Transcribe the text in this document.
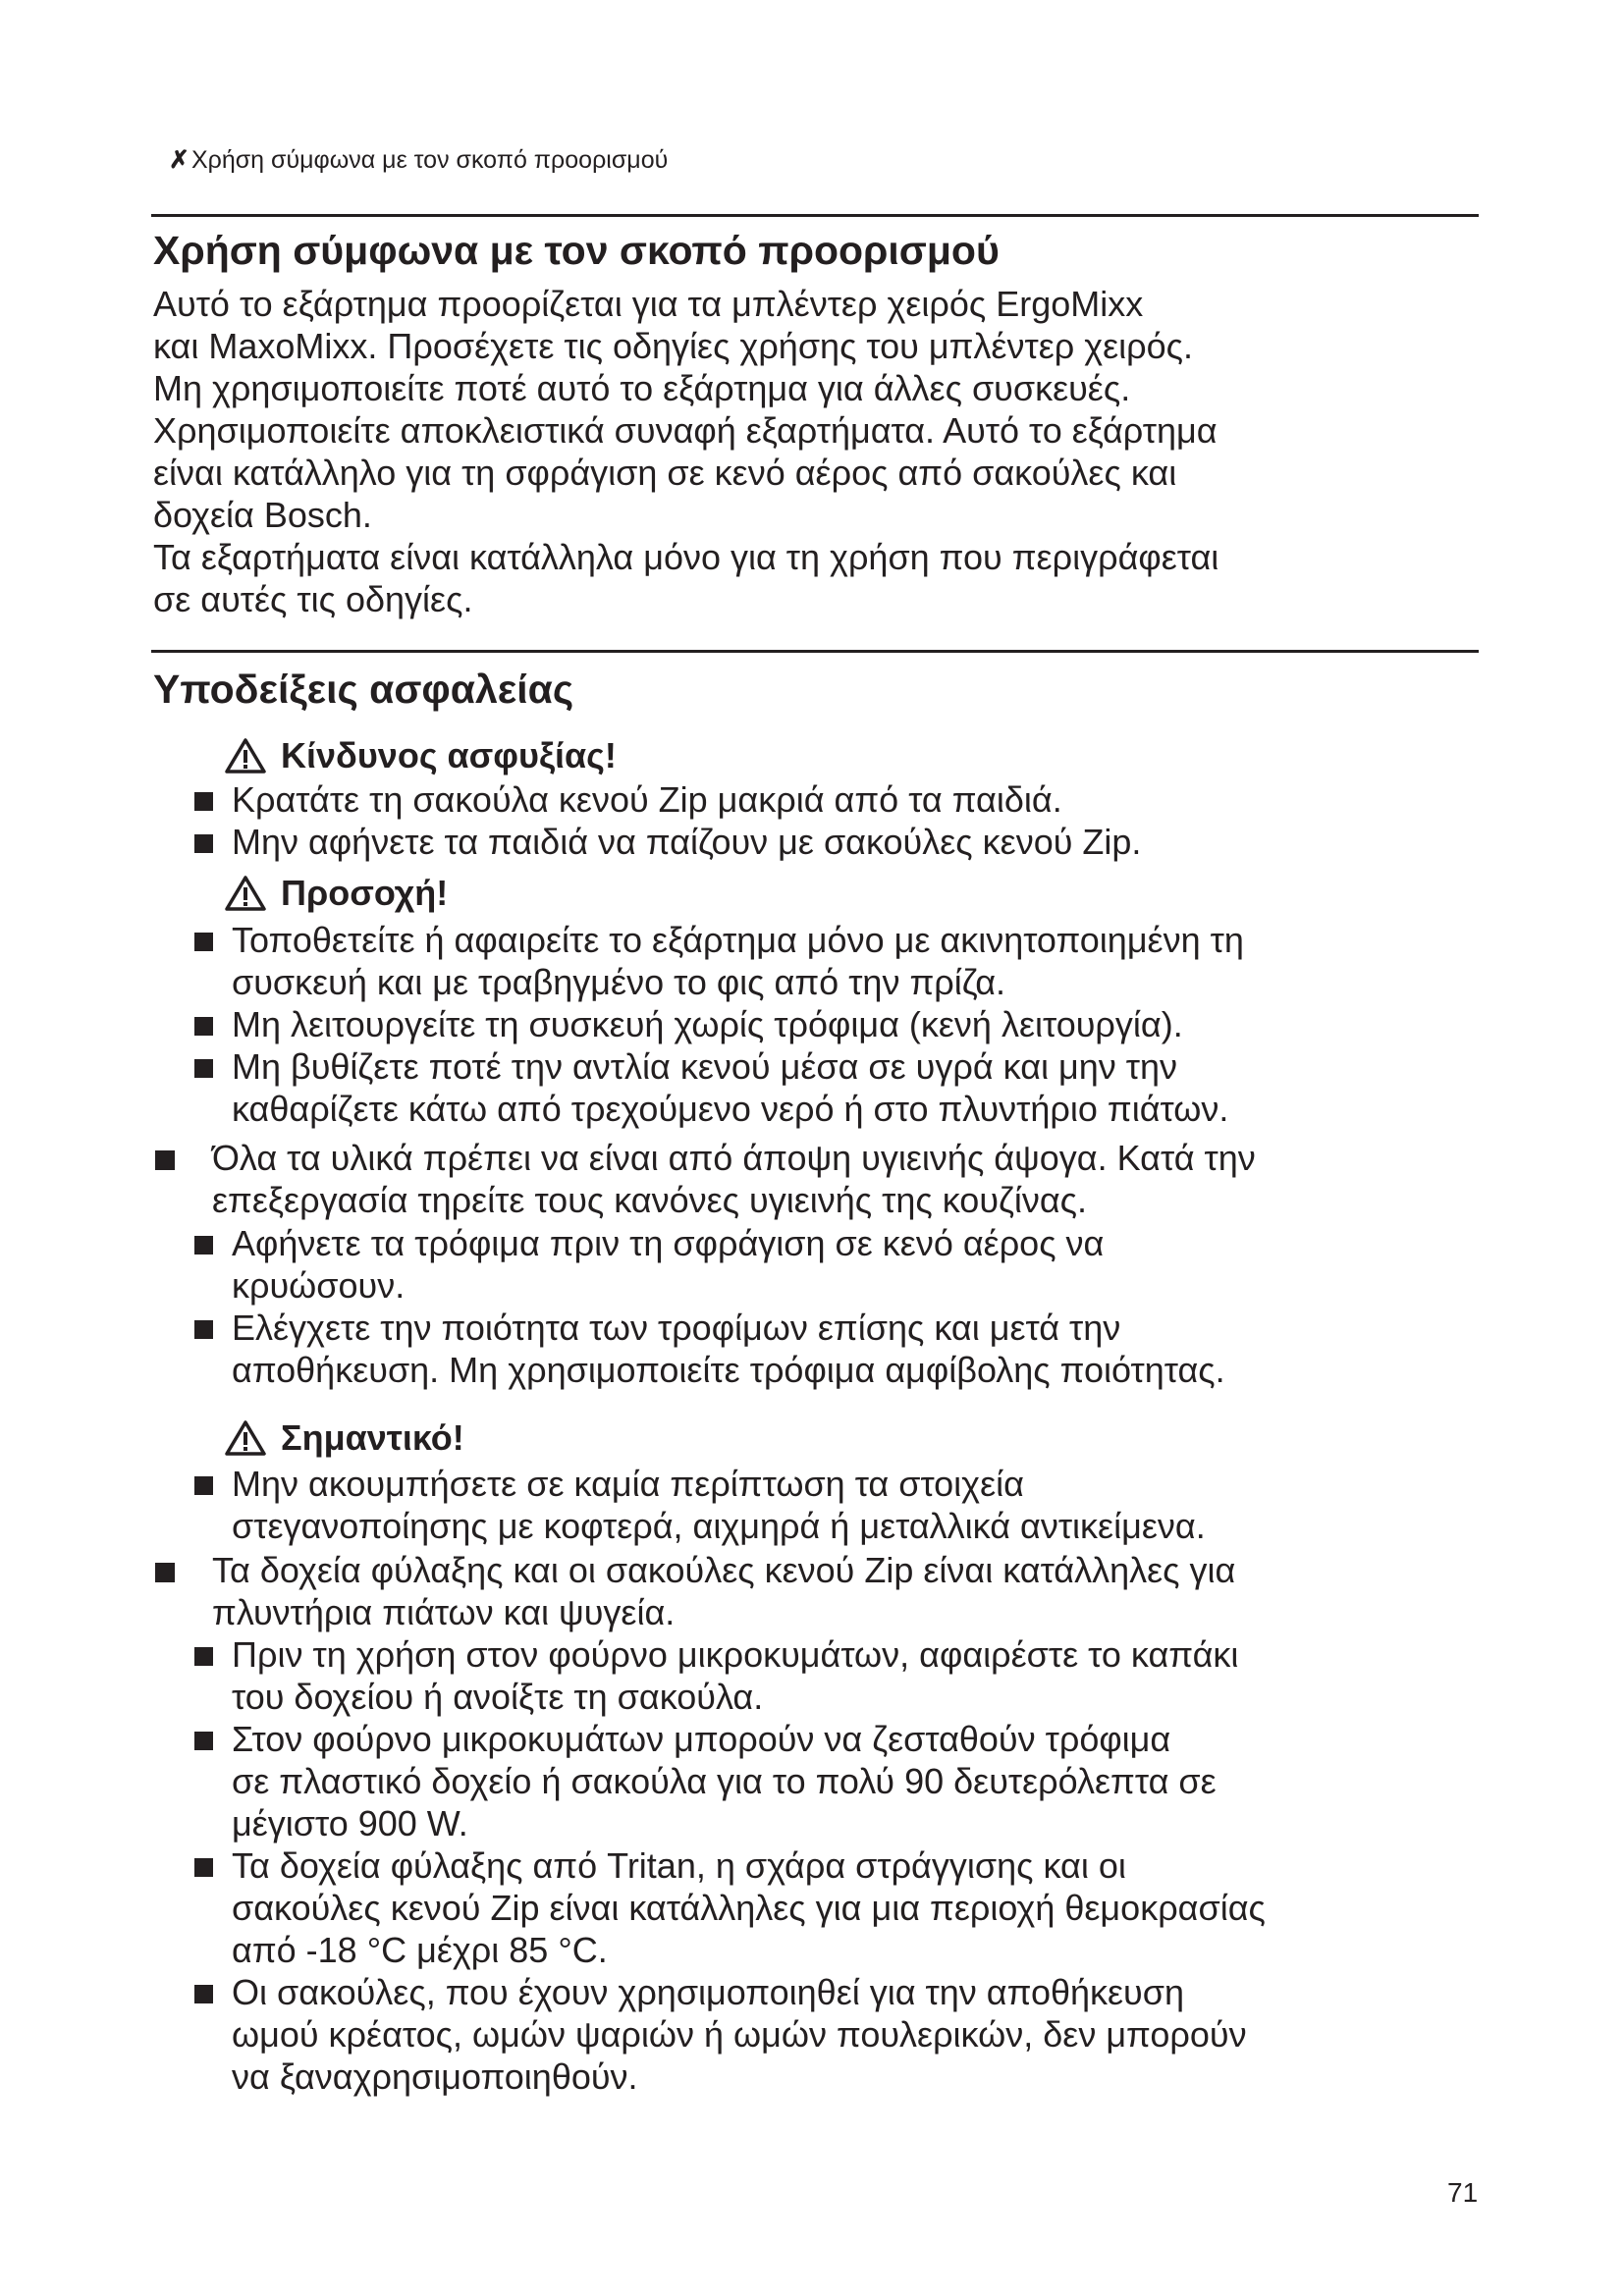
✗Χρήση σύμφωνα με τον σκοπό προορισμού
Χρήση σύμφωνα με τον σκοπό προορισμού

Αυτό το εξάρτημα προορίζεται για τα μπλέντερ χειρός ErgoMixx

και MaxoMixx. Προσέχετε τις οδηγίες χρήσης του μπλέντερ χειρός.

Μη χρησιμοποιείτε ποτέ αυτό το εξάρτημα για άλλες συσκευές.

Χρησιμοποιείτε αποκλειστικά συναφή εξαρτήματα. Αυτό το εξάρτημα

είναι κατάλληλο για τη σφράγιση σε κενό αέρος από σακούλες και

δοχεία Bosch.

Τα εξαρτήματα είναι κατάλληλα μόνο για τη χρήση που περιγράφεται

σε αυτές τις οδηγίες.

Υποδείξεις ασφαλείας
Κίνδυνος ασφυξίας!

Κρατάτε τη σακούλα κενού Zip μακριά από τα παιδιά.

Μην αφήνετε τα παιδιά να παίζουν με σακούλες κενού Zip.

Προσοχή!

Τοποθετείτε ή αφαιρείτε το εξάρτημα μόνο με ακινητοποιημένη τη
συσκευή και με τραβηγμένο το φις από την πρίζα.

Μη λειτουργείτε τη συσκευή χωρίς τρόφιμα (κενή λειτουργία).

Μη βυθίζετε ποτέ την αντλία κενού μέσα σε υγρά και μην την
καθαρίζετε κάτω από τρεχούμενο νερό ή στο πλυντήριο πιάτων.

Όλα τα υλικά πρέπει να είναι από άποψη υγιεινής άψογα. Κατά την
επεξεργασία τηρείτε τους κανόνες υγιεινής της κουζίνας.

Αφήνετε τα τρόφιμα πριν τη σφράγιση σε κενό αέρος να
κρυώσουν.

Ελέγχετε την ποιότητα των τροφίμων επίσης και μετά την
αποθήκευση. Μη χρησιμοποιείτε τρόφιμα αμφίβολης ποιότητας.

Σημαντικό!

Μην ακουμπήσετε σε καμία περίπτωση τα στοιχεία
στεγανοποίησης με κοφτερά, αιχμηρά ή μεταλλικά αντικείμενα.

Τα δοχεία φύλαξης και οι σακούλες κενού Zip είναι κατάλληλες για
πλυντήρια πιάτων και ψυγεία.

Πριν τη χρήση στον φούρνο μικροκυμάτων, αφαιρέστε το καπάκι
του δοχείου ή ανοίξτε τη σακούλα.

Στον φούρνο μικροκυμάτων μπορούν να ζεσταθούν τρόφιμα
σε πλαστικό δοχείο ή σακούλα για το πολύ 90 δευτερόλεπτα σε
μέγιστο 900 W.

Τα δοχεία φύλαξης από Tritan, η σχάρα στράγγισης και οι
σακούλες κενού Zip είναι κατάλληλες για μια περιοχή θεμοκρασίας
από -18 °C μέχρι 85 °C.

Οι σακούλες, που έχουν χρησιμοποιηθεί για την αποθήκευση
ωμού κρέατος, ωμών ψαριών ή ωμών πουλερικών, δεν μπορούν
να ξαναχρησιμοποιηθούν.

71
